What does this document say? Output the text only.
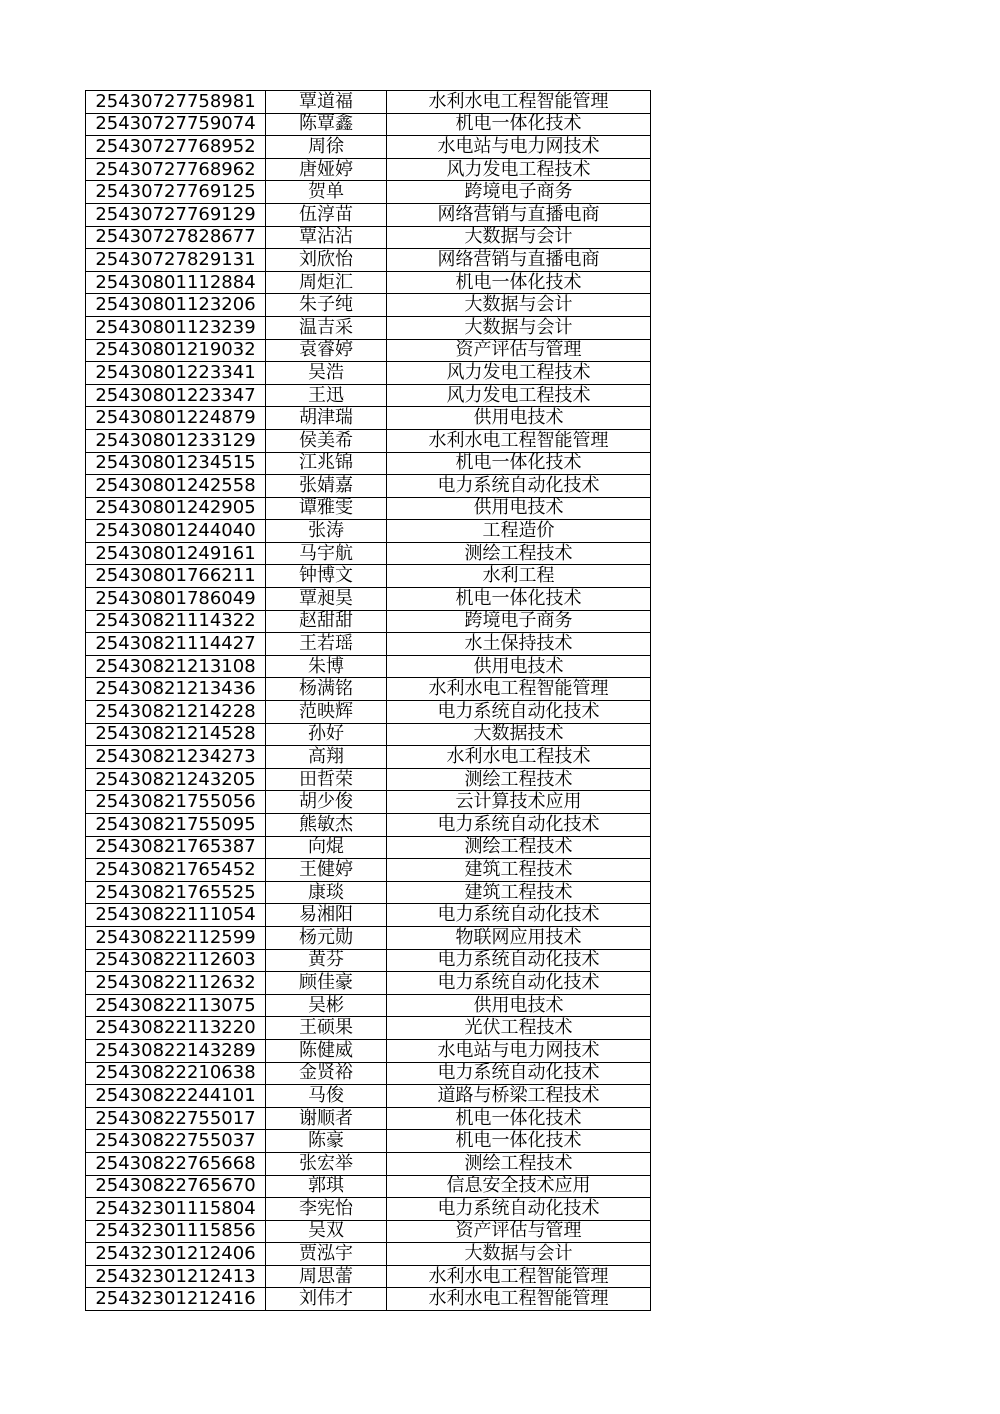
25430727758981	覃道福	水利水电工程智能管理
25430727759074	陈覃鑫	机电一体化技术
25430727768952	周徐	水电站与电力网技术
25430727768962	唐娅婷	风力发电工程技术
25430727769125	贺单	跨境电子商务
25430727769129	伍淳苗	网络营销与直播电商
25430727828677	覃沾沾	大数据与会计
25430727829131	刘欣怡	网络营销与直播电商
25430801112884	周炬汇	机电一体化技术
25430801123206	朱子纯	大数据与会计
25430801123239	温吉采	大数据与会计
25430801219032	袁睿婷	资产评估与管理
25430801223341	吴浩	风力发电工程技术
25430801223347	王迅	风力发电工程技术
25430801224879	胡津瑞	供用电技术
25430801233129	侯美希	水利水电工程智能管理
25430801234515	江兆锦	机电一体化技术
25430801242558	张婧嘉	电力系统自动化技术
25430801242905	谭雅雯	供用电技术
25430801244040	张涛	工程造价
25430801249161	马宇航	测绘工程技术
25430801766211	钟博文	水利工程
25430801786049	覃昶昊	机电一体化技术
25430821114322	赵甜甜	跨境电子商务
25430821114427	王若瑶	水土保持技术
25430821213108	朱博	供用电技术
25430821213436	杨满铭	水利水电工程智能管理
25430821214228	范映辉	电力系统自动化技术
25430821214528	孙好	大数据技术
25430821234273	高翔	水利水电工程技术
25430821243205	田哲荣	测绘工程技术
25430821755056	胡少俊	云计算技术应用
25430821755095	熊敏杰	电力系统自动化技术
25430821765387	向焜	测绘工程技术
25430821765452	王健婷	建筑工程技术
25430821765525	康琰	建筑工程技术
25430822111054	易湘阳	电力系统自动化技术
25430822112599	杨元勋	物联网应用技术
25430822112603	黄芬	电力系统自动化技术
25430822112632	顾佳豪	电力系统自动化技术
25430822113075	吴彬	供用电技术
25430822113220	王硕果	光伏工程技术
25430822143289	陈健威	水电站与电力网技术
25430822210638	金贤裕	电力系统自动化技术
25430822244101	马俊	道路与桥梁工程技术
25430822755017	谢顺者	机电一体化技术
25430822755037	陈豪	机电一体化技术
25430822765668	张宏举	测绘工程技术
25430822765670	郭琪	信息安全技术应用
25432301115804	李宪怡	电力系统自动化技术
25432301115856	吴双	资产评估与管理
25432301212406	贾泓宇	大数据与会计
25432301212413	周思蕾	水利水电工程智能管理
25432301212416	刘伟才	水利水电工程智能管理
